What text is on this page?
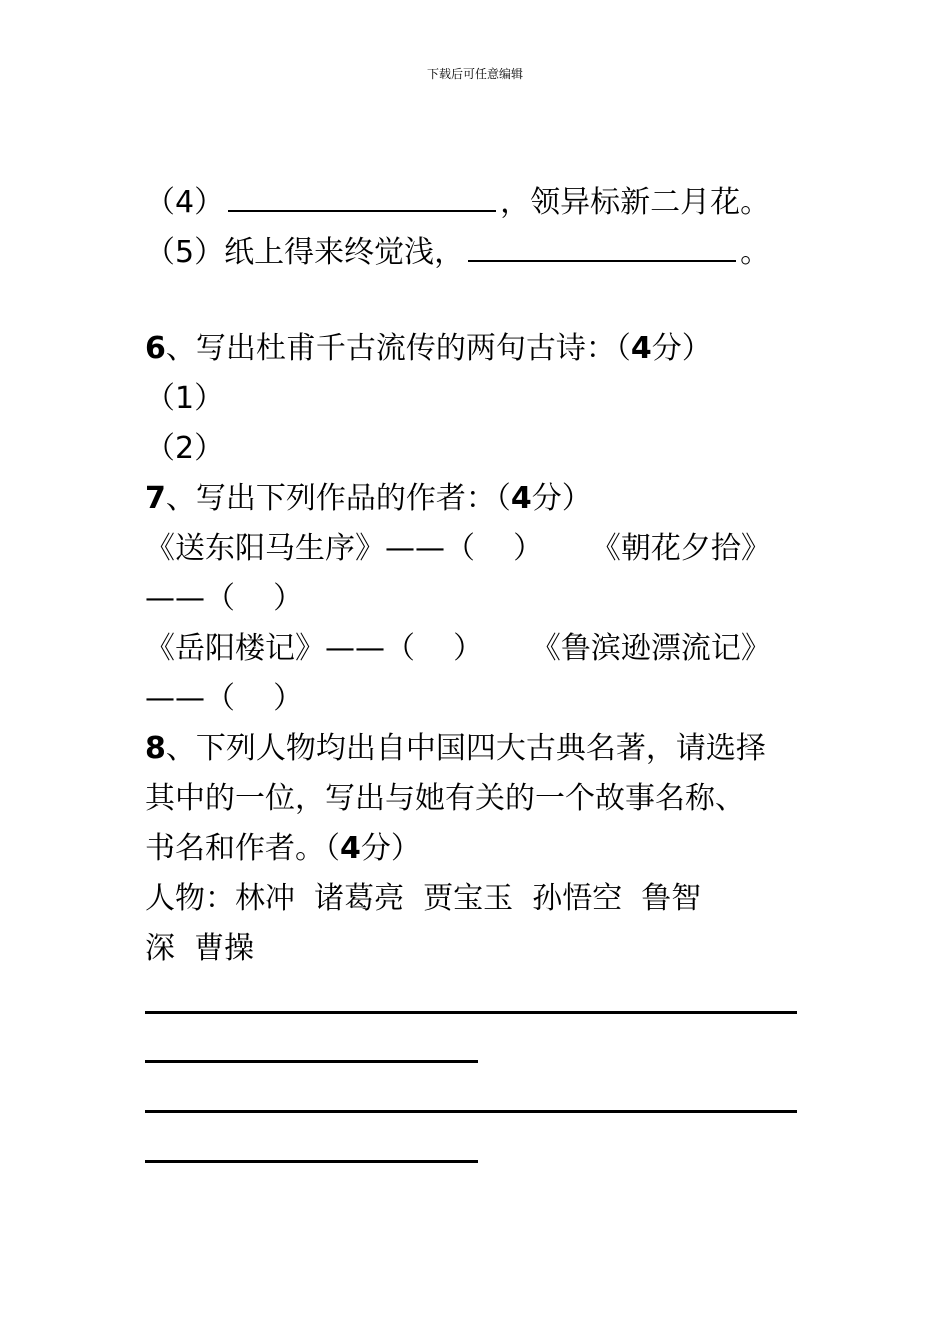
下载后可任意编辑
（4）	，领异标新二月花。
（5）纸上得来终觉浅，	。
6、写出杜甫千古流传的两句古诗：（4分）
（1）
（2）
7、写出下列作品的作者：（4分）
《送东阳马生序》——（    ）     《朝花夕拾》
——（    ）
《岳阳楼记》——（    ）     《鲁滨逊漂流记》
——（    ）
8、下列人物均出自中国四大古典名著，请选择
其中的一位，写出与她有关的一个故事名称、
书名和作者。（4分）
人物：林冲  诸葛亮  贾宝玉  孙悟空  鲁智
深  曹操
